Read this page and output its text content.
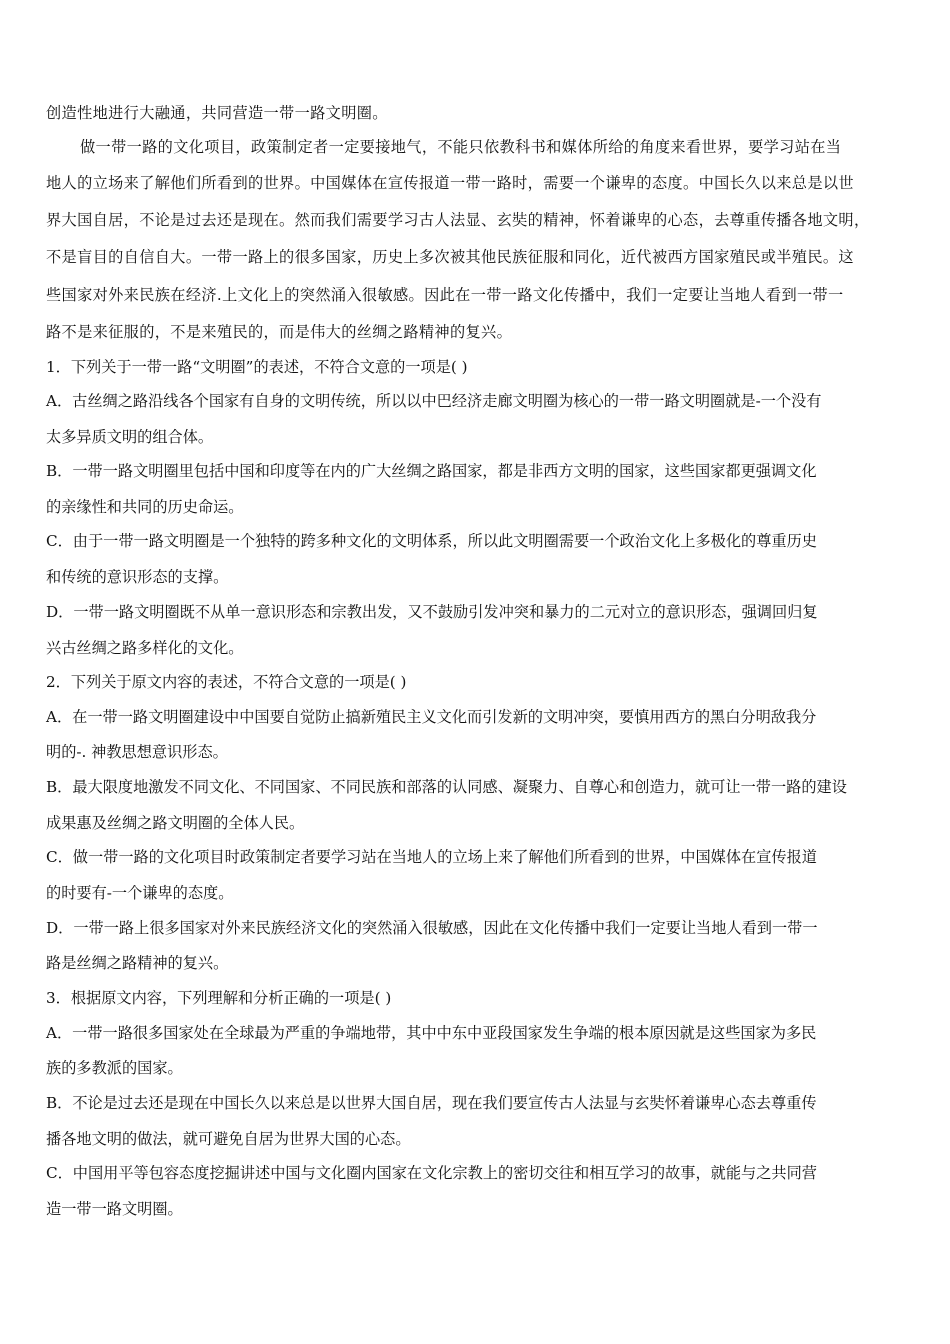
创造性地进行大融通，共同营造一带一路文明圈。
做一带一路的文化项目，政策制定者一定要接地气，不能只依教科书和媒体所给的角度来看世界，要学习站在当
地人的立场来了解他们所看到的世界。中国媒体在宣传报道一带一路时，需要一个谦卑的态度。中国长久以来总是以世
界大国自居，不论是过去还是现在。然而我们需要学习古人法显、玄奘的精神，怀着谦卑的心态，去尊重传播各地文明，
不是盲目的自信自大。一带一路上的很多国家，历史上多次被其他民族征服和同化，近代被西方国家殖民或半殖民。这
些国家对外来民族在经济.上文化上的突然涌入很敏感。因此在一带一路文化传播中，我们一定要让当地人看到一带一
路不是来征服的，不是来殖民的，而是伟大的丝绸之路精神的复兴。
1．下列关于一带一路“文明圈”的表述，不符合文意的一项是( )
A．古丝绸之路沿线各个国家有自身的文明传统，所以以中巴经济走廊文明圈为核心的一带一路文明圈就是-一个没有
太多异质文明的组合体。
B．一带一路文明圈里包括中国和印度等在内的广大丝绸之路国家，都是非西方文明的国家，这些国家都更强调文化
的亲缘性和共同的历史命运。
C．由于一带一路文明圈是一个独特的跨多种文化的文明体系，所以此文明圈需要一个政治文化上多极化的尊重历史
和传统的意识形态的支撑。
D．一带一路文明圈既不从单一意识形态和宗教出发，又不鼓励引发冲突和暴力的二元对立的意识形态，强调回归复
兴古丝绸之路多样化的文化。
2．下列关于原文内容的表述，不符合文意的一项是( )
A．在一带一路文明圈建设中中国要自觉防止搞新殖民主义文化而引发新的文明冲突，要慎用西方的黑白分明敌我分
明的-. 神教思想意识形态。
B．最大限度地激发不同文化、不同国家、不同民族和部落的认同感、凝聚力、自尊心和创造力，就可让一带一路的建设
成果惠及丝绸之路文明圈的全体人民。
C．做一带一路的文化项目时政策制定者要学习站在当地人的立场上来了解他们所看到的世界，中国媒体在宣传报道
的时要有-一个谦卑的态度。
D．一带一路上很多国家对外来民族经济文化的突然涌入很敏感，因此在文化传播中我们一定要让当地人看到一带一
路是丝绸之路精神的复兴。
3．根据原文内容，下列理解和分析正确的一项是( )
A．一带一路很多国家处在全球最为严重的争端地带，其中中东中亚段国家发生争端的根本原因就是这些国家为多民
族的多教派的国家。
B．不论是过去还是现在中国长久以来总是以世界大国自居，现在我们要宣传古人法显与玄奘怀着谦卑心态去尊重传
播各地文明的做法，就可避免自居为世界大国的心态。
C．中国用平等包容态度挖掘讲述中国与文化圈内国家在文化宗教上的密切交往和相互学习的故事，就能与之共同营
造一带一路文明圈。
